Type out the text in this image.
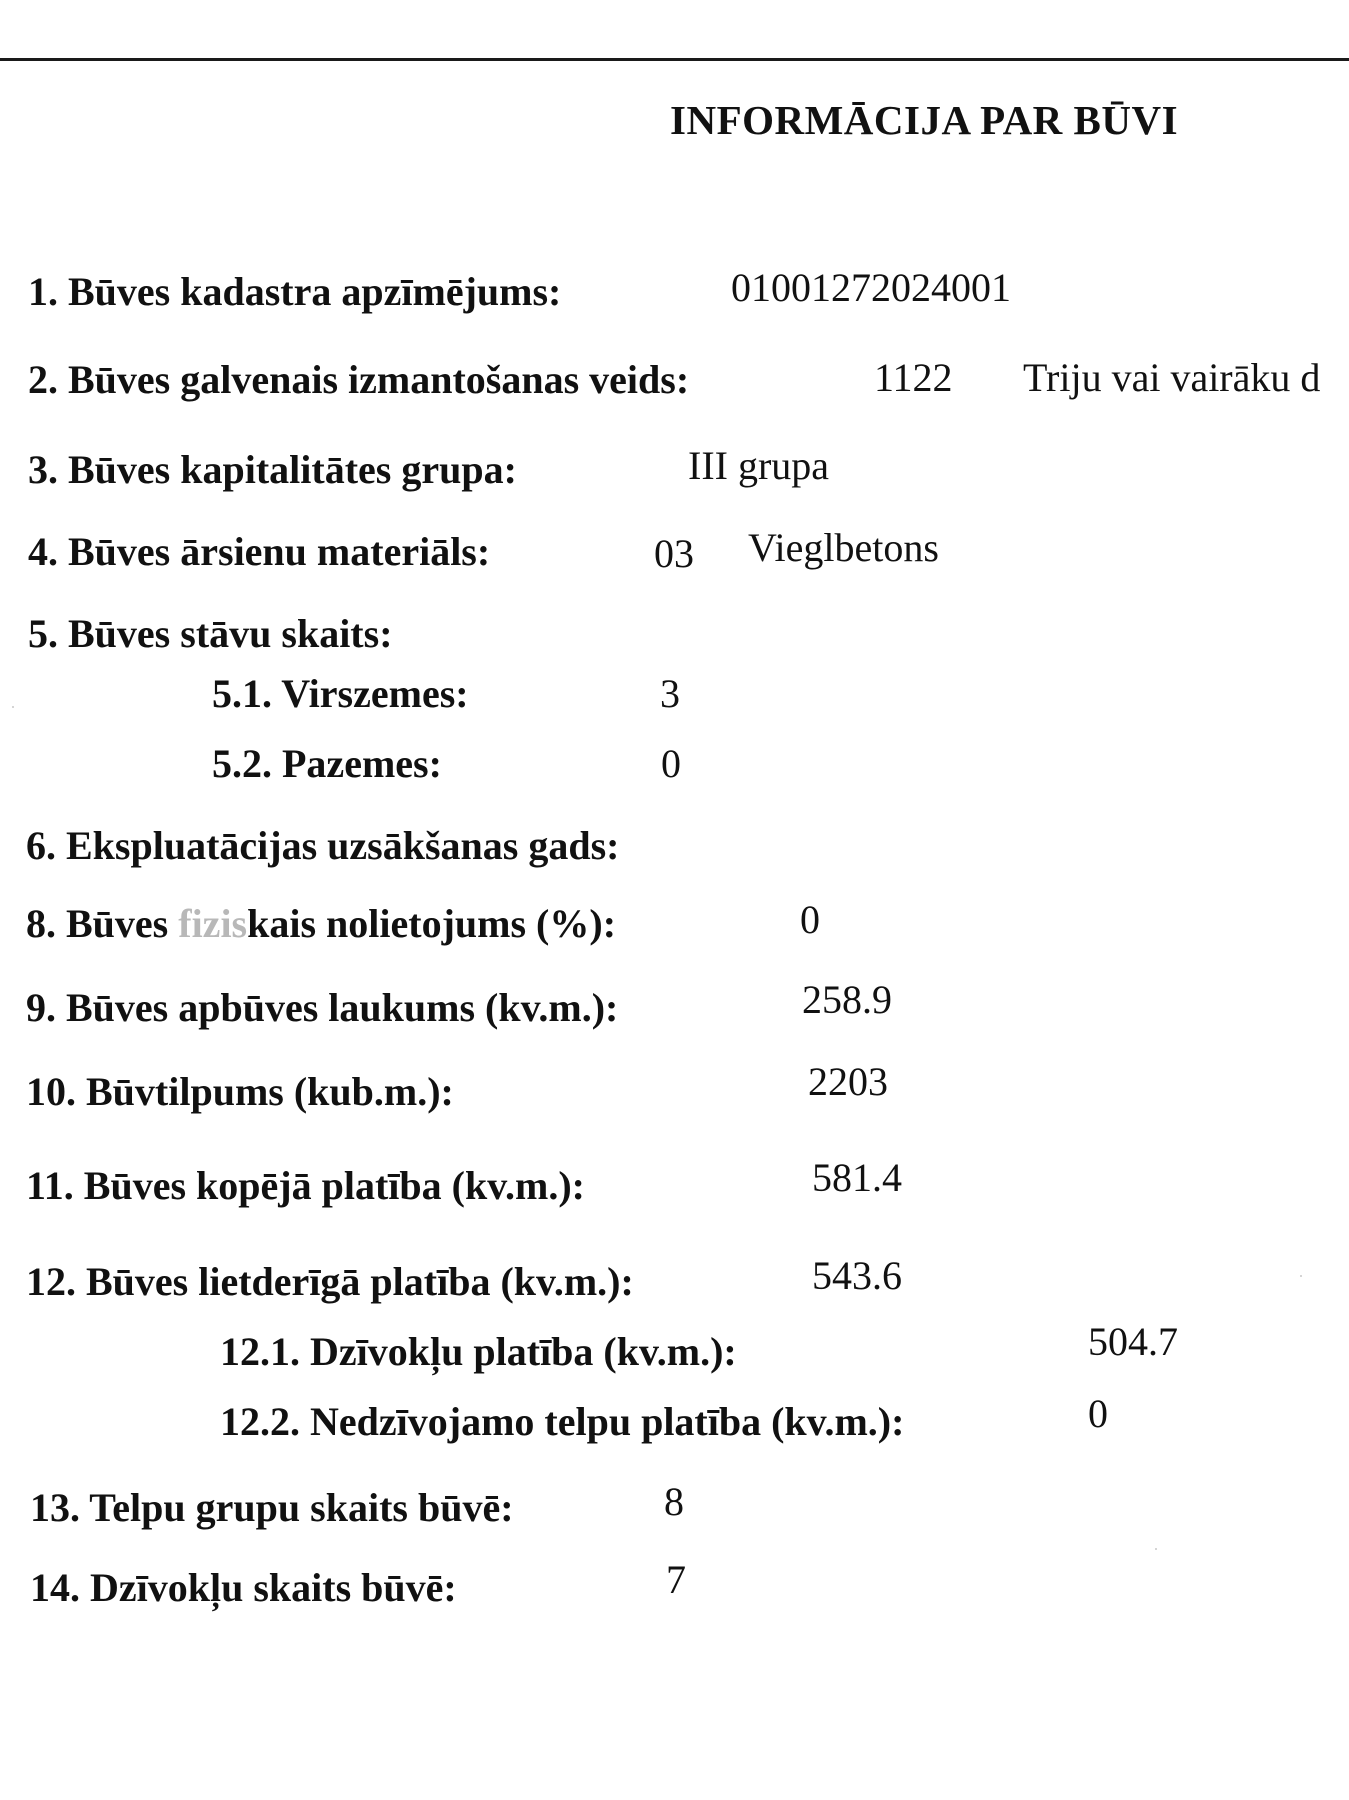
INFORMĀCIJA PAR BŪVI
1. Būves kadastra apzīmējums:	01001272024001
2. Būves galvenais izmantošanas veids:	1122 Triju vai vairāku d
3. Būves kapitalitātes grupa:	III grupa
4. Būves ārsienu materiāls:	03 Vieglbetons
5. Būves stāvu skaits:
5.1. Virszemes:	3
5.2. Pazemes:	0
6. Ekspluatācijas uzsākšanas gads:
8. Būves fiziskais nolietojums (%):	0
9. Būves apbūves laukums (kv.m.):	258.9
10. Būvtilpums (kub.m.):	2203
11. Būves kopējā platība (kv.m.):	581.4
12. Būves lietderīgā platība (kv.m.):	543.6
12.1. Dzīvokļu platība (kv.m.):	504.7
12.2. Nedzīvojamo telpu platība (kv.m.):	0
13. Telpu grupu skaits būvē:	8
14. Dzīvokļu skaits būvē:	7
